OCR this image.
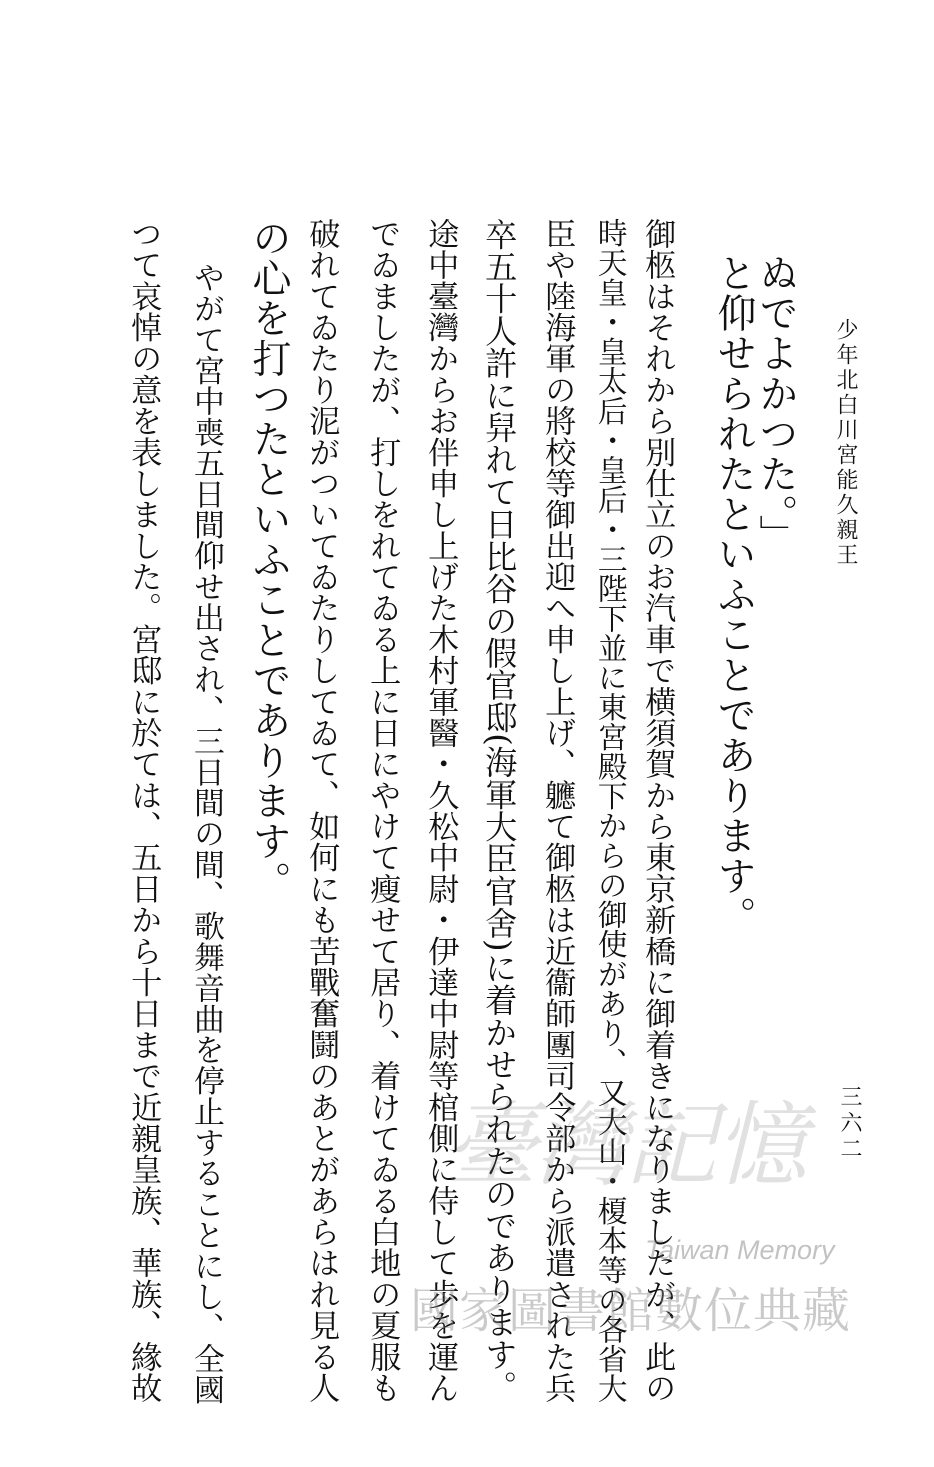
少年北白川宮能久親王
三六二
ぬでよかつた。」
と仰せられたといふことであります。
御柩はそれから別仕立のお汽車で横須賀から東京新橋に御着きになりましたが、此の
時天皇・皇太后・皇后・三陛下並に東宮殿下からの御使があり、又大山・榎本等の各省大
臣や陸海軍の將校等御出迎へ申し上げ、軈て御柩は近衞師團司令部から派遣された兵
卒五十人許に舁れて日比谷の假官邸(海軍大臣官舍)に着かせられたのであります。
途中臺灣からお伴申し上げた木村軍醫・久松中尉・伊達中尉等棺側に侍して歩を運ん
でゐましたが、打しをれてゐる上に日にやけて瘦せて居り、着けてゐる白地の夏服も
破れてゐたり泥がついてゐたりしてゐて、如何にも苦戰奮鬪のあとがあらはれ見る人
の心を打つたといふことであります。
やがて宮中喪五日間仰せ出され、三日間の間、歌舞音曲を停止することにし、全國
つて哀悼の意を表しました。宮邸に於ては、五日から十日まで近親皇族、華族、緣故	臺灣記憶
Taiwan Memory
國家圖書館數位典藏
